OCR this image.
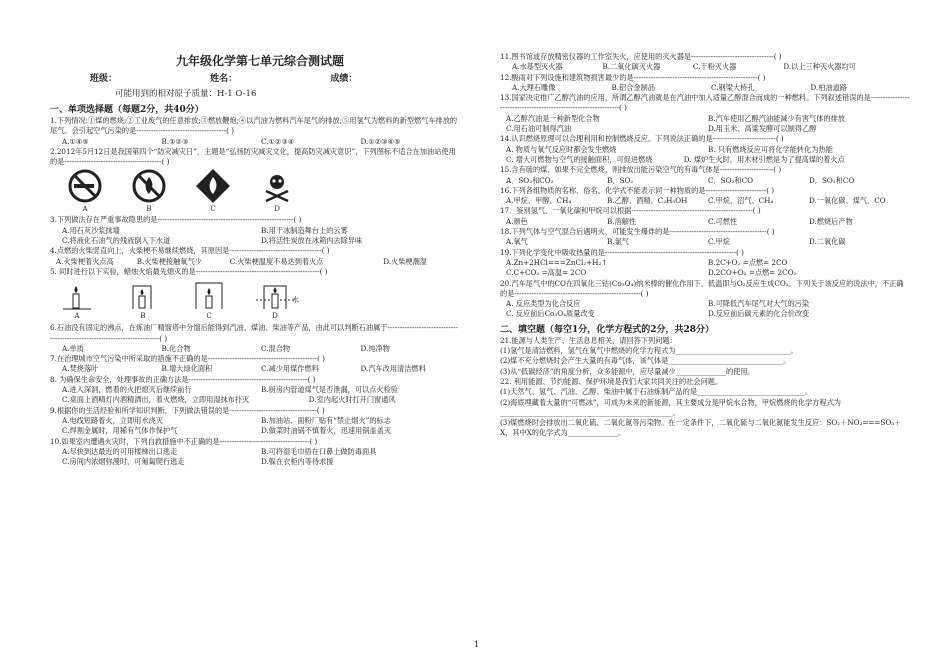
九年级化学第七单元综合测试题
班级：	姓名：	成绩：
可能用到的相对原子质量：H-1 O-16
一、单项选择题（每题2分，共40分）

1.下列情况:①煤的燃烧;②工业废气的任意排放;③燃放鞭炮;④以汽油为燃料汽车尾气的排放;⑤用氢气为燃料的新型燃气车排放的尾气。会引起空气污染的是-------------------------------------( )

A.①④⑤	B.①②③	C.①②③④	D.①②③④⑤

2.2012年5月12日是我国第四个“防灾减灾日”，主题是“弘扬防灾减灾文化，提高防灾减灾意识”，下列图标不适合在加油站使用的是----------------------------------------( )

A	B	C	D

3.下列做法存在严重事故隐患的是--------------------------------------------------------( )

A.用石灰沙浆抹墙	B.用干冰制造舞台上的云雾
C.将液化石油气的残液倒入下水道	D.将活性炭放在冰箱内去除异味

4.点燃的火柴竖直向上，火柴梗不易继续燃烧，其原因是--------------------------------------( )

A.火柴梗着火点高	B.火柴梗接触氧气少	C.火柴梗温度不易达到着火点	D.火柴梗潮湿

5. 同时进行以下实验，蜡烛火焰最先熄灭的是---------------------------------------------------( )

A	B	C	D
水

6.石油没有固定的沸点，在炼油厂精馏塔中分馏后能得到汽油、煤油、柴油等产品，由此可以判断石油属于--------------------------------------------------------------------------( )

A.单质	B.化合物	C.混合物	D.纯净物

7.在治理城市空气污染中所采取的措施不正确的是---------------------------------------------( )

A.焚烧落叶	B.增大绿化面积	C.减少用煤作燃料	D.汽车改用清洁燃料

8. 为确保生命安全，处理事故的正确方法是-------------------------------------------------( )

A.进入深洞，燃着的火把熄灭后继续前行	B.厨房内管道煤气是否泄漏，可以点火检验
C.桌面上酒精灯内酒精洒出，着火燃烧，立即用湿抹布扑灭	D.室内起火时打开门窗通风

9.根据你的生活经验和所学知识判断，下列做法错误的是------------------------------------( )

A.电线短路着火，立即用水浇灭	B.加油站、面粉厂贴有“禁止烟火”的标志
C.焊割金属时，用稀有气体作保护气	D.做菜时油锅不慎着火，迅速用锅盖盖灭

10.如果室内遭遇火灾时，下列自救措施中不正确的是-------------------------------------( )

A.尽快到达最近的可用楼梯出口逃走	B.可将湿毛巾捂在口鼻上做防毒面具
C.房间内浓烟弥漫时，可匍匐爬行逃走	D.躲在衣柜内等待求援

11.图书馆或存放精密仪器的工作室失火，应使用的灭火器是----------------------------------( )

A.水基型灭火器	B.二氧化碳灭火器	C.干粉灭火器	D.以上三种灭火器均可

12.酸雨对下列设施和建筑物损害最少的是---------------------------------------------------( )

A.大理石雕像	B.铝合金制品	C.钢梁大桥孔	D.柏油道路

13.国家决定推广乙醇汽油的应用，所谓乙醇汽油就是在汽油中加入适量乙醇混合而成的一种燃料。下列叙述错误的是-----------------------------------------------------------------( )

A.乙醇汽油是一种新型化合物	B.汽车使用乙醇汽油能减少有害气体的排放
C.用石油可制得汽油	D.用玉米、高粱发酵可以制得乙醇

14.认识燃烧原理可以合理利用和控制燃烧反应。下列说法正确的是--------------------------( )

A. 物质与氧气反应时都会发生燃烧	B. 只有燃烧反应可将化学能转化为热能
C. 增大可燃物与空气的接触面积，可促进燃烧	D. 煤炉生火时，用木材引燃是为了提高煤的着火点

15.含有硫的煤，如果不完全燃烧，则排放出能污染空气的有毒气体是----------------------( )

A．SO₂和CO₂	B．SO₂	C．SO₂和CO	D．SO₂和CO

16.下列各组物质的名称、俗名、化学式不能表示同一种物质的是-------------------------( )

A.甲烷、甲醇、CH₄	B.乙醇、酒精、C₂H₅OH	C.甲烷、沼气、CH₄	D.一氧化碳、煤气、CO

17．鉴别氢气、一氧化碳和甲烷可以根据--------------------------------------------------( )

A.颜色	B.溶解性	C.可燃性	D.燃烧后产物

18.下列气体与空气混合后遇明火，可能发生爆炸的是----------------------------------------( )

A.氧气	B.氯气	C.甲烷	D.二氧化碳

19.下列化学变化中吸收热量的是------------------------------------------------------( )

A.Zn+2HCl===ZnCl₂+H₂↑	B.2C+O₂ =点燃= 2CO
C.C+CO₂ =高温= 2CO	D.2CO+O₂ =点燃= 2CO₂

20.汽车尾气中的CO在四氧化三钴(Co₃O₄)纳米棒的催化作用下，低温即与O₂反应生成CO₂。下列关于该反应的说法中，不正确的是----------------------------------------------------( )

A. 反应类型为化合反应	B.可降低汽车尾气对大气的污染
C. 反应前后Co₃O₄质量改变	D.反应前后碳元素的化合价改变
二、填空题（每空1分，化学方程式的2分，共28分）

21.能源与人类生产、生活息息相关，请回答下列问题：

(1)氢气是清洁燃料，氢气在氧气中燃烧的化学方程式为________________________________。

(2)煤不充分燃烧时会产生大量的有毒气体，该气体是________________________________。

(3)从“低碳经济”的角度分析，众多能源中，应尽量减少______________的使用。

22. 利用能源、节约能源、保护环境是我们大家共同关注的社会问题。

(1)天然气、氢气、汽油、乙醇、柴油中属于石油炼制产品的是______________________________。

(2)海底埋藏着大量的“可燃冰”，可成为未来的新能源，其主要成分是甲烷水合物，甲烷燃烧的化学方程式为________________________________________________。

(3)煤燃烧时会排放出二氧化硫、二氧化氮等污染物。在一定条件下，二氧化硫与二氧化氮能发生反应：SO₂＋NO₂===SO₃＋X，其中X的化学式为______________。

1
